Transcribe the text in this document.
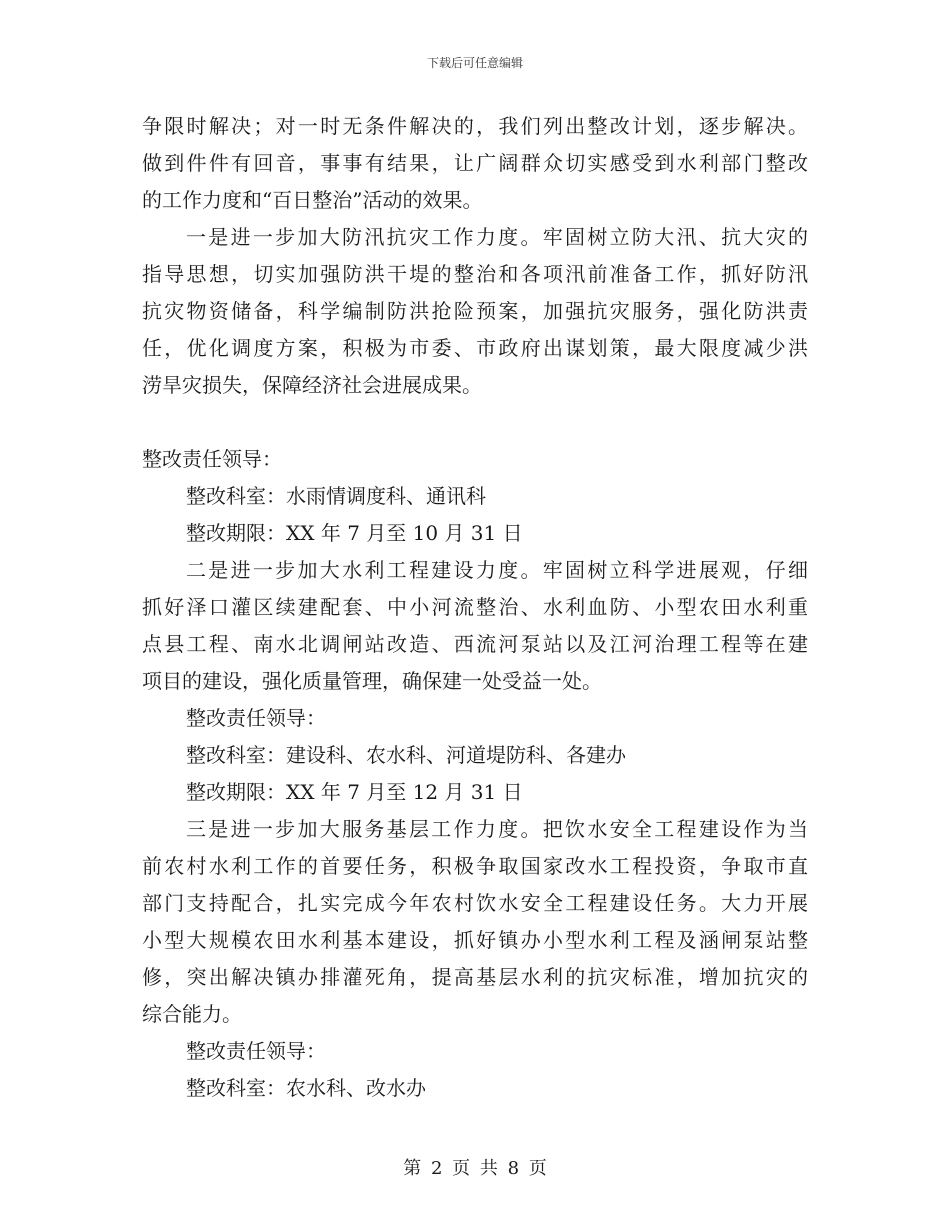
下载后可任意编辑
争限时解决；对一时无条件解决的，我们列出整改计划，逐步解决。
做到件件有回音，事事有结果，让广阔群众切实感受到水利部门整改
的工作力度和“百日整治”活动的效果。
一是进一步加大防汛抗灾工作力度。牢固树立防大汛、抗大灾的
指导思想，切实加强防洪干堤的整治和各项汛前准备工作，抓好防汛
抗灾物资储备，科学编制防洪抢险预案，加强抗灾服务，强化防洪责
任，优化调度方案，积极为市委、市政府出谋划策，最大限度减少洪
涝旱灾损失，保障经济社会进展成果。
整改责任领导：
整改科室：水雨情调度科、通讯科
整改期限：XX 年 7 月至 10 月 31 日
二是进一步加大水利工程建设力度。牢固树立科学进展观，仔细
抓好泽口灌区续建配套、中小河流整治、水利血防、小型农田水利重
点县工程、南水北调闸站改造、西流河泵站以及江河治理工程等在建
项目的建设，强化质量管理，确保建一处受益一处。
整改责任领导：
整改科室：建设科、农水科、河道堤防科、各建办
整改期限：XX 年 7 月至 12 月 31 日
三是进一步加大服务基层工作力度。把饮水安全工程建设作为当
前农村水利工作的首要任务，积极争取国家改水工程投资，争取市直
部门支持配合，扎实完成今年农村饮水安全工程建设任务。大力开展
小型大规模农田水利基本建设，抓好镇办小型水利工程及涵闸泵站整
修，突出解决镇办排灌死角，提高基层水利的抗灾标准，增加抗灾的
综合能力。
整改责任领导：
整改科室：农水科、改水办
第 2 页 共 8 页
